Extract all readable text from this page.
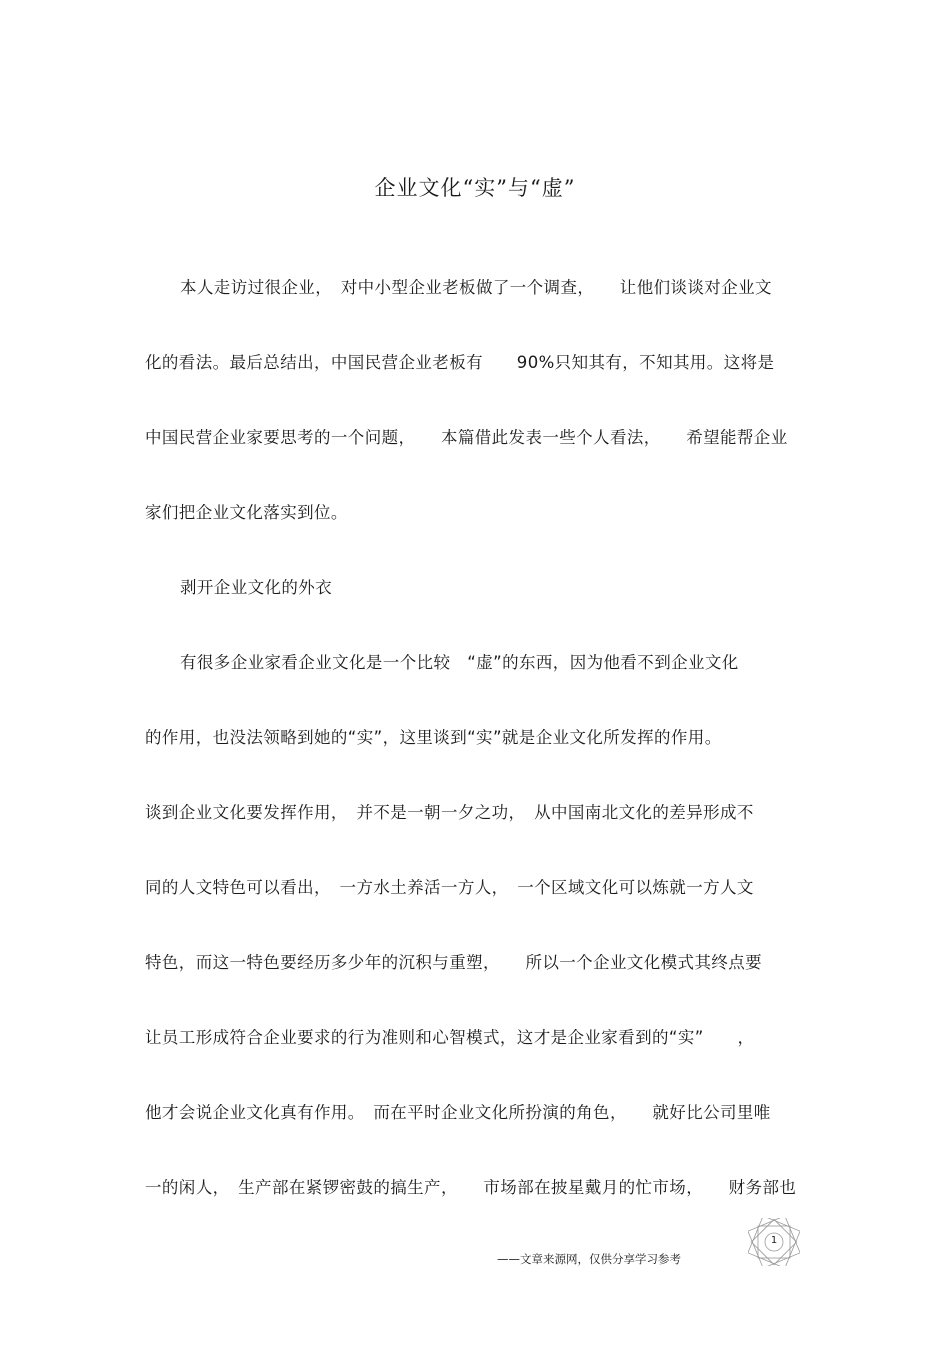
企业文化“实”与“虚”
本人走访过很企业，　对中小型企业老板做了一个调查，　　让他们谈谈对企业文
化的看法。最后总结出，中国民营企业老板有　　90%只知其有，不知其用。这将是
中国民营企业家要思考的一个问题，　　本篇借此发表一些个人看法，　　希望能帮企业
家们把企业文化落实到位。
剥开企业文化的外衣
有很多企业家看企业文化是一个比较　“虚”的东西，因为他看不到企业文化
的作用，也没法领略到她的“实”，这里谈到“实”就是企业文化所发挥的作用。
谈到企业文化要发挥作用，　并不是一朝一夕之功，　从中国南北文化的差异形成不
同的人文特色可以看出，　一方水土养活一方人，　一个区域文化可以炼就一方人文
特色，而这一特色要经历多少年的沉积与重塑，　　所以一个企业文化模式其终点要
让员工形成符合企业要求的行为准则和心智模式，这才是企业家看到的“实”　　，
他才会说企业文化真有作用。　而在平时企业文化所扮演的角色，　　就好比公司里唯
一的闲人，　生产部在紧锣密鼓的搞生产，　　市场部在披星戴月的忙市场，　　财务部也
——文章来源网，仅供分享学习参考
1
